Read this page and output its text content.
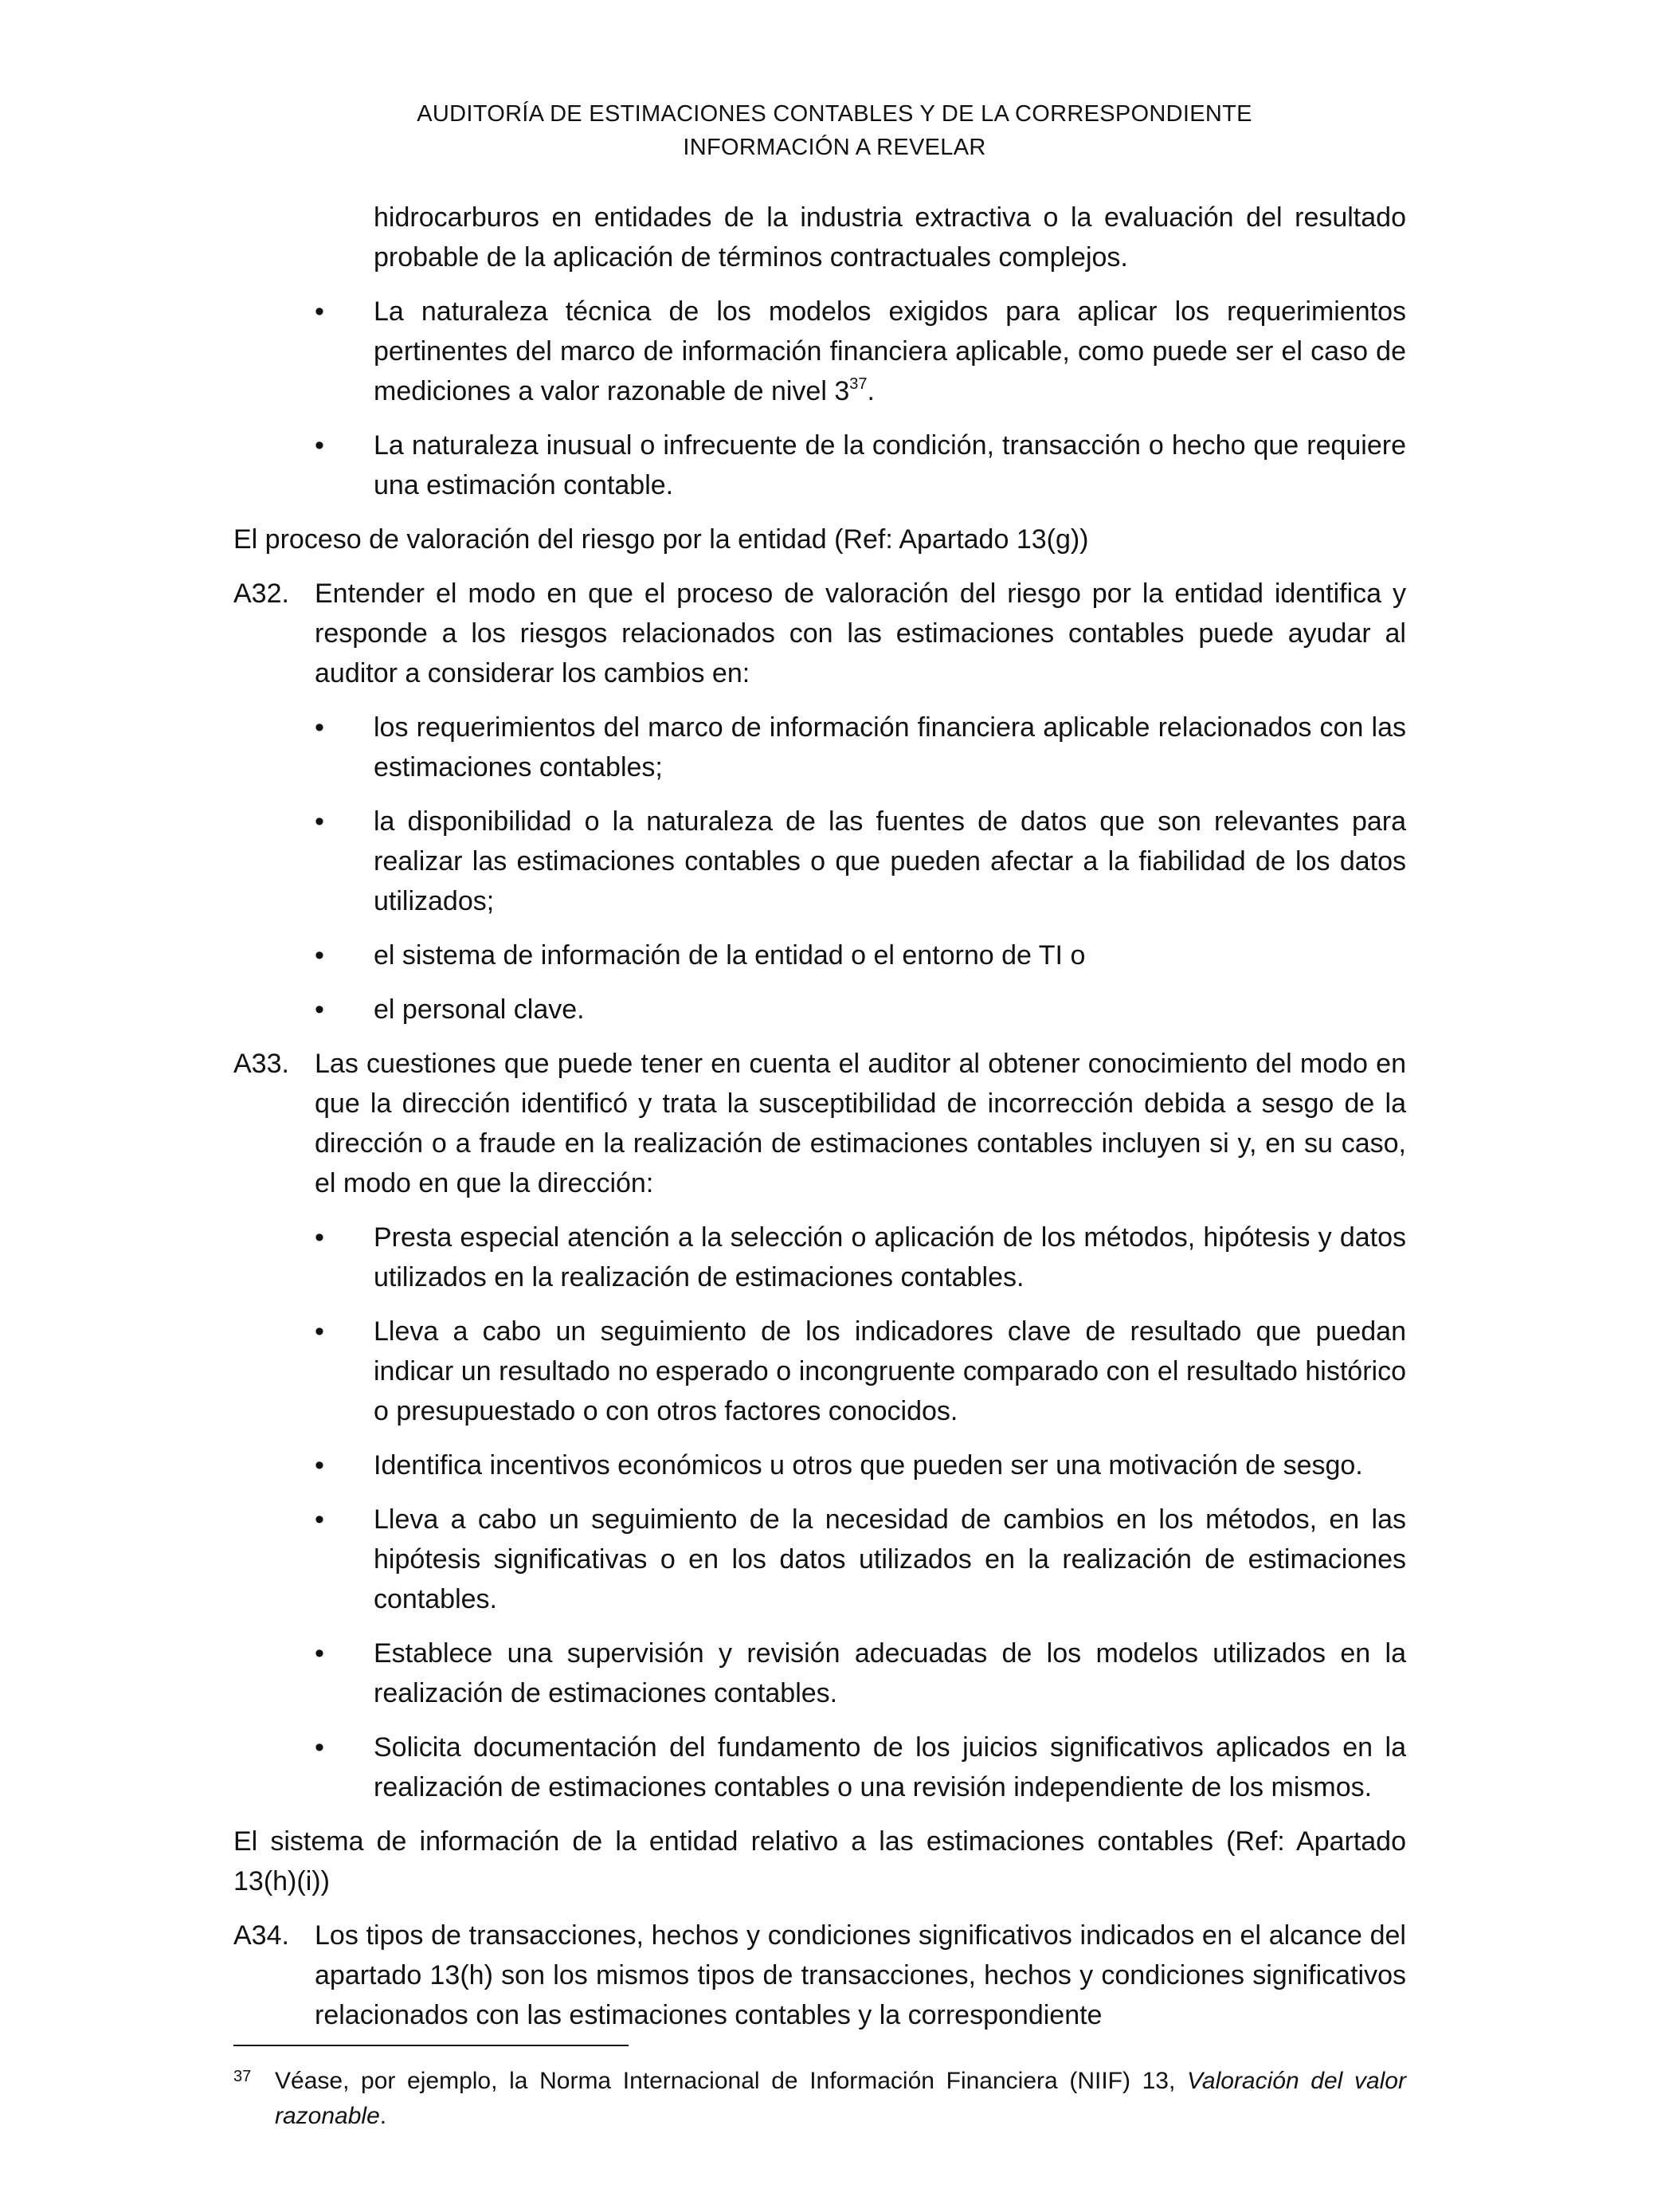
AUDITORÍA DE ESTIMACIONES CONTABLES Y DE LA CORRESPONDIENTE
INFORMACIÓN A REVELAR
hidrocarburos en entidades de la industria extractiva o la evaluación del resultado probable de la aplicación de términos contractuales complejos.
• La naturaleza técnica de los modelos exigidos para aplicar los requerimientos pertinentes del marco de información financiera aplicable, como puede ser el caso de mediciones a valor razonable de nivel $3^{37}$.
• La naturaleza inusual o infrecuente de la condición, transacción o hecho que requiere una estimación contable.
El proceso de valoración del riesgo por la entidad (Ref: Apartado 13(g))
A32. Entender el modo en que el proceso de valoración del riesgo por la entidad identifica y responde a los riesgos relacionados con las estimaciones contables puede ayudar al auditor a considerar los cambios en:
• los requerimientos del marco de información financiera aplicable relacionados con las estimaciones contables;
• la disponibilidad o la naturaleza de las fuentes de datos que son relevantes para realizar las estimaciones contables o que pueden afectar a la fiabilidad de los datos utilizados;
• el sistema de información de la entidad o el entorno de TI o
• el personal clave.
A33. Las cuestiones que puede tener en cuenta el auditor al obtener conocimiento del modo en que la dirección identificó y trata la susceptibilidad de incorrección debida a sesgo de la dirección o a fraude en la realización de estimaciones contables incluyen si y, en su caso, el modo en que la dirección:
• Presta especial atención a la selección o aplicación de los métodos, hipótesis y datos utilizados en la realización de estimaciones contables.
• Lleva a cabo un seguimiento de los indicadores clave de resultado que puedan indicar un resultado no esperado o incongruente comparado con el resultado histórico o presupuestado o con otros factores conocidos.
• Identifica incentivos económicos u otros que pueden ser una motivación de sesgo.
• Lleva a cabo un seguimiento de la necesidad de cambios en los métodos, en las hipótesis significativas o en los datos utilizados en la realización de estimaciones contables.
• Establece una supervisión y revisión adecuadas de los modelos utilizados en la realización de estimaciones contables.
• Solicita documentación del fundamento de los juicios significativos aplicados en la realización de estimaciones contables o una revisión independiente de los mismos.
El sistema de información de la entidad relativo a las estimaciones contables (Ref: Apartado 13(h)(i))
A34. Los tipos de transacciones, hechos y condiciones significativos indicados en el alcance del apartado 13(h) son los mismos tipos de transacciones, hechos y condiciones significativos relacionados con las estimaciones contables y la correspondiente
37 Véase, por ejemplo, la Norma Internacional de Información Financiera (NIIF) 13, Valoración del valor razonable.
